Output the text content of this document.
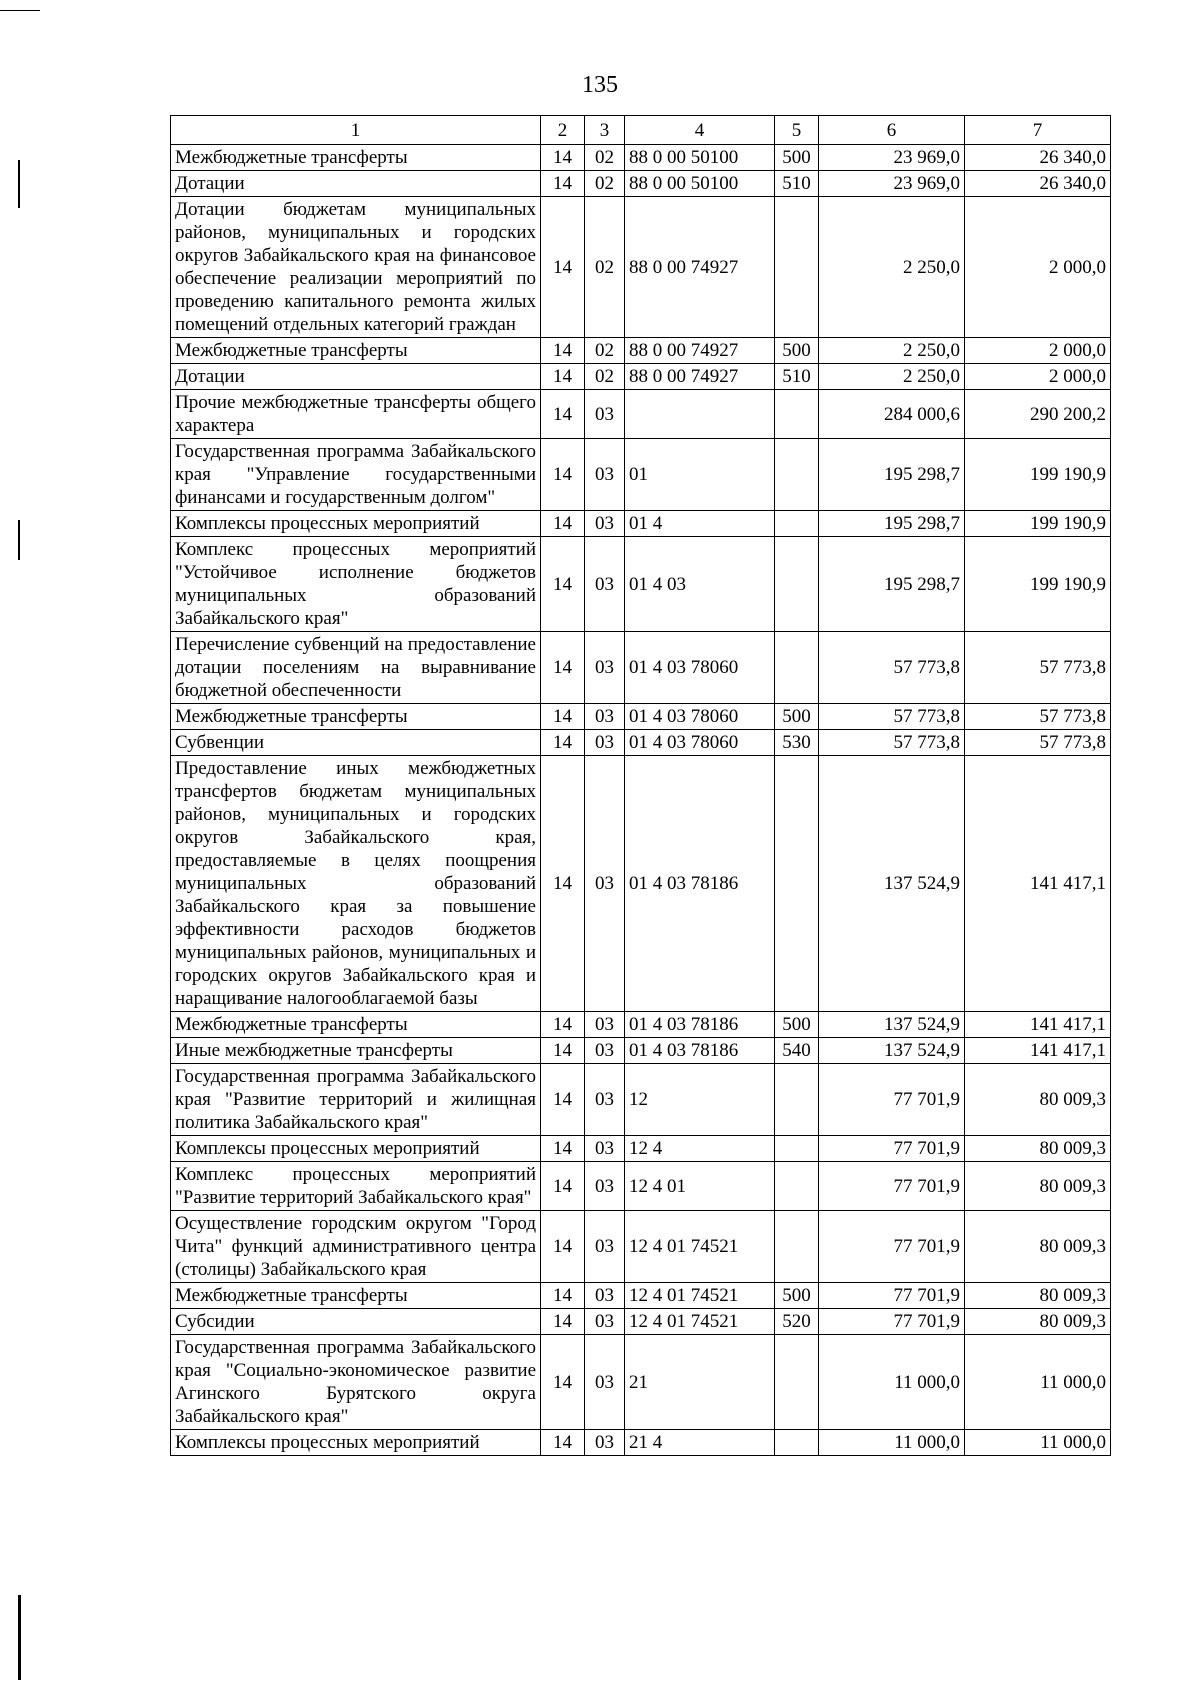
135
1	2	3	4	5	6	7
Межбюджетные трансферты	14	02	88 0 00 50100	500	23 969,0	26 340,0
Дотации	14	02	88 0 00 50100	510	23 969,0	26 340,0
Дотации бюджетам муниципальных районов, муниципальных и городских округов Забайкальского края на финансовое обеспечение реализации мероприятий по проведению капитального ремонта жилых помещений отдельных категорий граждан	14	02	88 0 00 74927		2 250,0	2 000,0
Межбюджетные трансферты	14	02	88 0 00 74927	500	2 250,0	2 000,0
Дотации	14	02	88 0 00 74927	510	2 250,0	2 000,0
Прочие межбюджетные трансферты общего характера	14	03			284 000,6	290 200,2
Государственная программа Забайкальского края "Управление государственными финансами и государственным долгом"	14	03	01		195 298,7	199 190,9
Комплексы процессных мероприятий	14	03	01 4		195 298,7	199 190,9
Комплекс процессных мероприятий "Устойчивое исполнение бюджетов муниципальных образований Забайкальского края"	14	03	01 4 03		195 298,7	199 190,9
Перечисление субвенций на предоставление дотации поселениям на выравнивание бюджетной обеспеченности	14	03	01 4 03 78060		57 773,8	57 773,8
Межбюджетные трансферты	14	03	01 4 03 78060	500	57 773,8	57 773,8
Субвенции	14	03	01 4 03 78060	530	57 773,8	57 773,8
Предоставление иных межбюджетных трансфертов бюджетам муниципальных районов, муниципальных и городских округов Забайкальского края, предоставляемые в целях поощрения муниципальных образований Забайкальского края за повышение эффективности расходов бюджетов муниципальных районов, муниципальных и городских округов Забайкальского края и наращивание налогооблагаемой базы	14	03	01 4 03 78186		137 524,9	141 417,1
Межбюджетные трансферты	14	03	01 4 03 78186	500	137 524,9	141 417,1
Иные межбюджетные трансферты	14	03	01 4 03 78186	540	137 524,9	141 417,1
Государственная программа Забайкальского края "Развитие территорий и жилищная политика Забайкальского края"	14	03	12		77 701,9	80 009,3
Комплексы процессных мероприятий	14	03	12 4		77 701,9	80 009,3
Комплекс процессных мероприятий "Развитие территорий Забайкальского края"	14	03	12 4 01		77 701,9	80 009,3
Осуществление городским округом "Город Чита" функций административного центра (столицы) Забайкальского края	14	03	12 4 01 74521		77 701,9	80 009,3
Межбюджетные трансферты	14	03	12 4 01 74521	500	77 701,9	80 009,3
Субсидии	14	03	12 4 01 74521	520	77 701,9	80 009,3
Государственная программа Забайкальского края "Социально-экономическое развитие Агинского Бурятского округа Забайкальского края"	14	03	21		11 000,0	11 000,0
Комплексы процессных мероприятий	14	03	21 4		11 000,0	11 000,0
